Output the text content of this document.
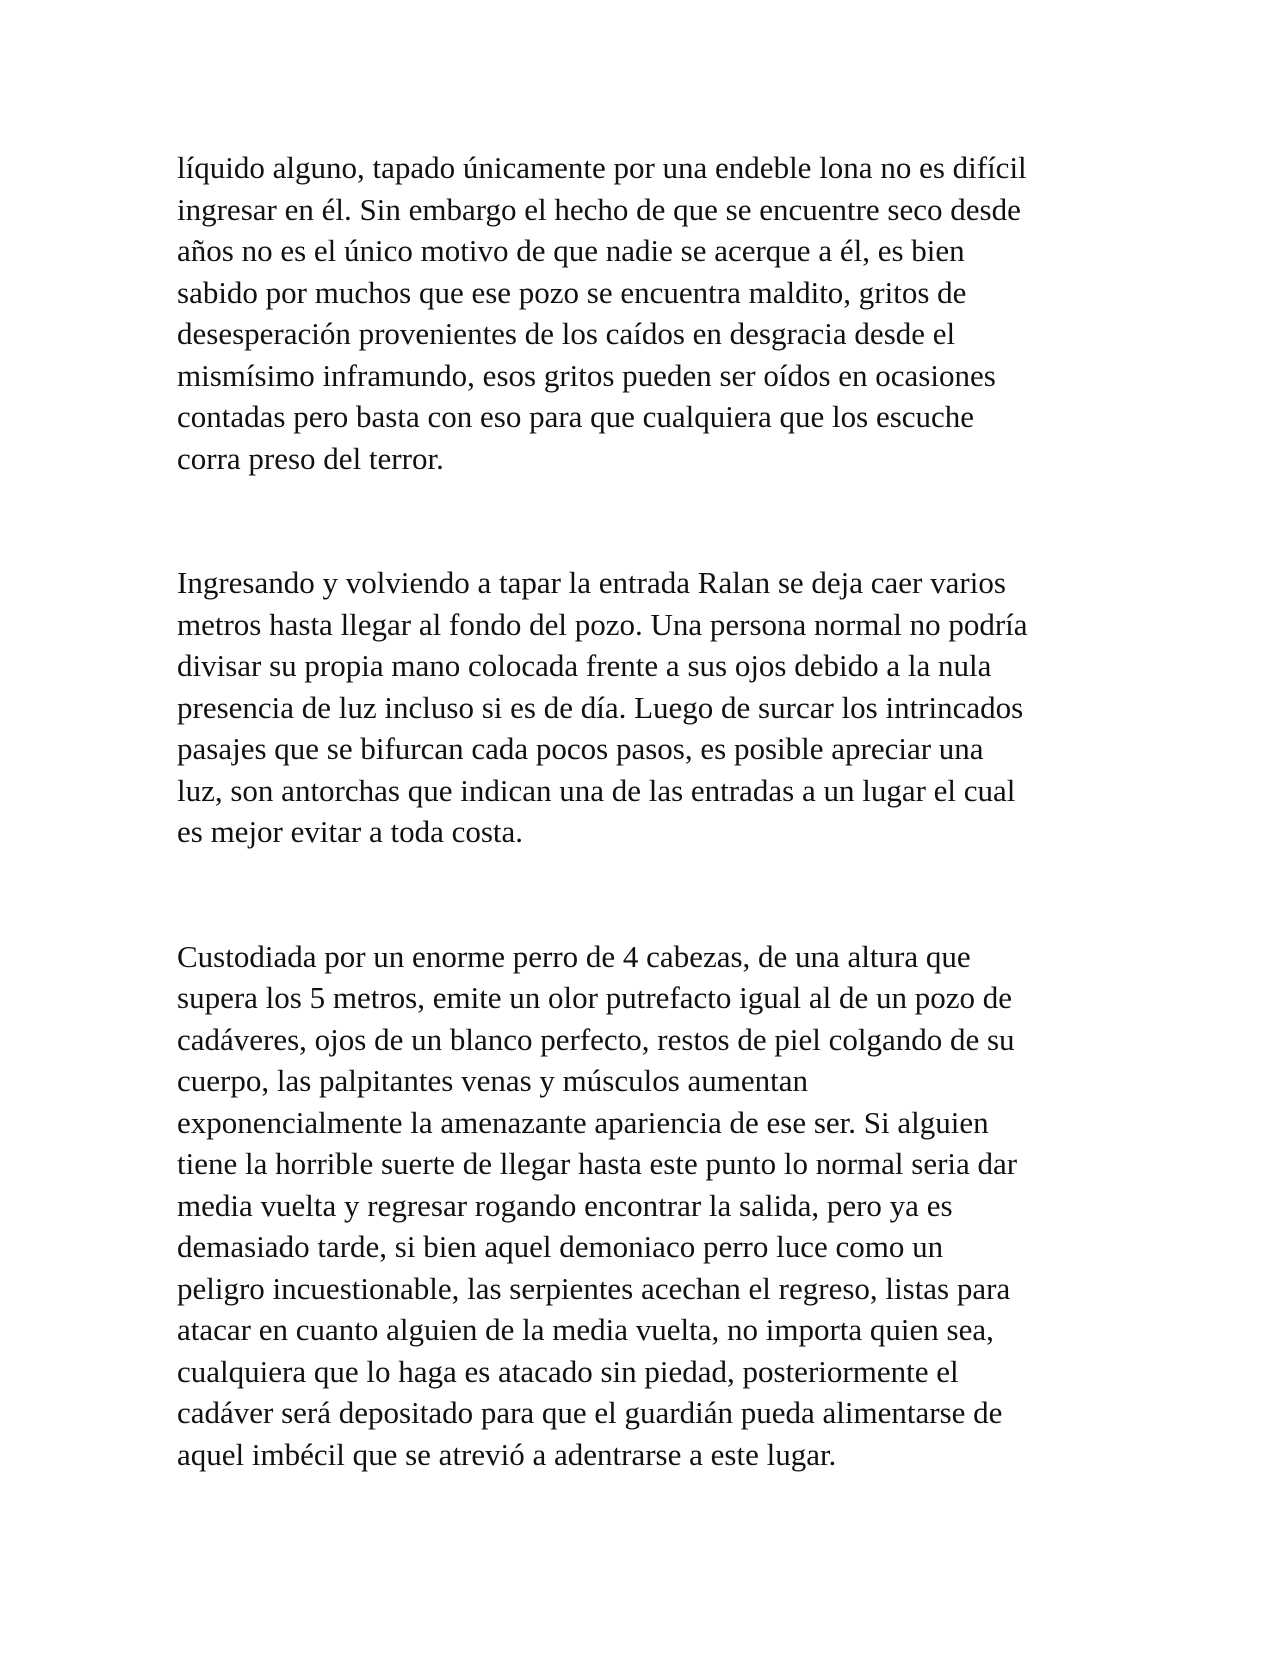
líquido alguno, tapado únicamente por una endeble lona no es difícil
ingresar en él. Sin embargo el hecho de que se encuentre seco desde
años no es el único motivo de que nadie se acerque a él, es bien
sabido por muchos que ese pozo se encuentra maldito, gritos de
desesperación provenientes de los caídos en desgracia desde el
mismísimo inframundo, esos gritos pueden ser oídos en ocasiones
contadas pero basta con eso para que cualquiera que los escuche
corra preso del terror.

Ingresando y volviendo a tapar la entrada Ralan se deja caer varios
metros hasta llegar al fondo del pozo. Una persona normal no podría
divisar su propia mano colocada frente a sus ojos debido a la nula
presencia de luz incluso si es de día. Luego de surcar los intrincados
pasajes que se bifurcan cada pocos pasos, es posible apreciar una
luz, son antorchas que indican una de las entradas a un lugar el cual
es mejor evitar a toda costa.

Custodiada por un enorme perro de 4 cabezas, de una altura que
supera los 5 metros, emite un olor putrefacto igual al de un pozo de
cadáveres, ojos de un blanco perfecto, restos de piel colgando de su
cuerpo, las palpitantes venas y músculos aumentan
exponencialmente la amenazante apariencia de ese ser. Si alguien
tiene la horrible suerte de llegar hasta este punto lo normal seria dar
media vuelta y regresar rogando encontrar la salida, pero ya es
demasiado tarde, si bien aquel demoniaco perro luce como un
peligro incuestionable, las serpientes acechan el regreso, listas para
atacar en cuanto alguien de la media vuelta, no importa quien sea,
cualquiera que lo haga es atacado sin piedad, posteriormente el
cadáver será depositado para que el guardián pueda alimentarse de
aquel imbécil que se atrevió a adentrarse a este lugar.
